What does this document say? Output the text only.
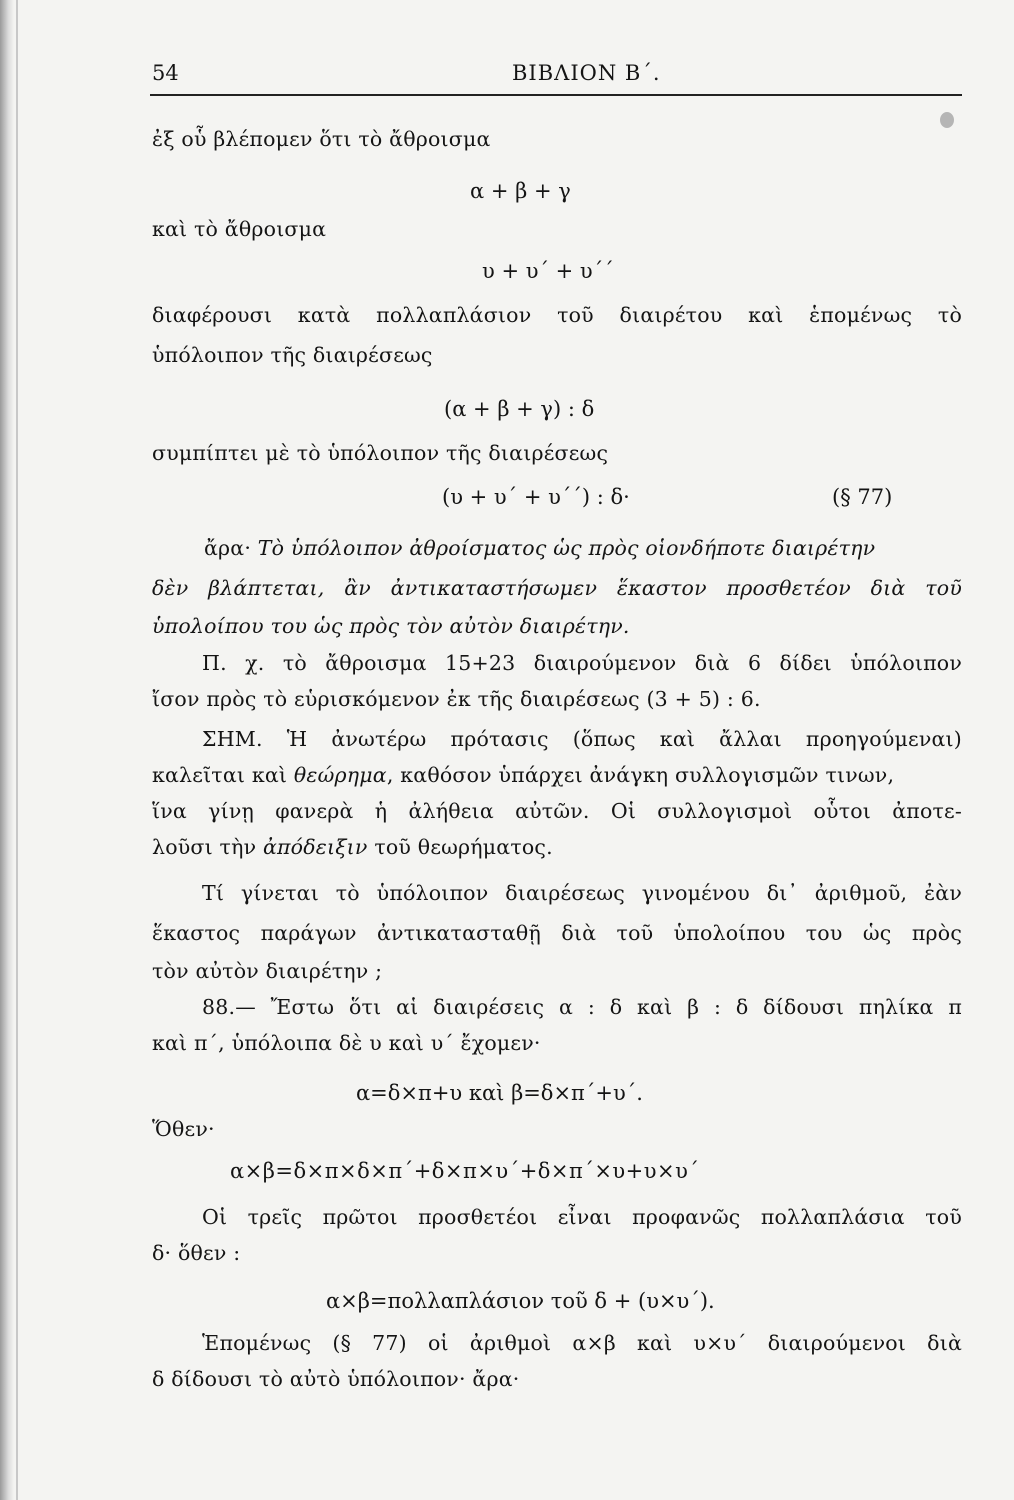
54	ΒΙΒΛΙΟΝ Β΄.
ἐξ οὗ βλέπομεν ὅτι τὸ ἄθροισμα
α + β + γ
καὶ τὸ ἄθροισμα
υ + υ΄ + υ΄΄
διαφέρουσι κατὰ πολλαπλάσιον τοῦ διαιρέτου καὶ ἑπομένως τὸ
ὑπόλοιπον τῆς διαιρέσεως
(α + β + γ) : δ
συμπίπτει μὲ τὸ ὑπόλοιπον τῆς διαιρέσεως
(υ + υ΄ + υ΄΄) : δ·	(§ 77)
ἄρα· Τὸ ὑπόλοιπον ἀθροίσματος ὡς πρὸς οἱονδήποτε διαιρέτην
δὲν βλάπτεται, ἂν ἀντικαταστήσωμεν ἕκαστον προσθετέον διὰ τοῦ
ὑπολοίπου του ὡς πρὸς τὸν αὐτὸν διαιρέτην.
Π. χ. τὸ ἄθροισμα 15+23 διαιρούμενον διὰ 6 δίδει ὑπόλοιπον
ἴσον πρὸς τὸ εὑρισκόμενον ἐκ τῆς διαιρέσεως (3 + 5) : 6.
ΣΗΜ. Ἡ ἀνωτέρω πρότασις (ὅπως καὶ ἄλλαι προηγούμεναι)
καλεῖται καὶ θεώρημα, καθόσον ὑπάρχει ἀνάγκη συλλογισμῶν τινων,
ἵνα γίνῃ φανερὰ ἡ ἀλήθεια αὐτῶν. Οἱ συλλογισμοὶ οὗτοι ἀποτε-
λοῦσι τὴν ἀπόδειξιν τοῦ θεωρήματος.
Τί γίνεται τὸ ὑπόλοιπον διαιρέσεως γινομένου δι᾽ ἀριθμοῦ, ἐὰν
ἕκαστος παράγων ἀντικατασταθῇ διὰ τοῦ ὑπολοίπου του ὡς πρὸς
τὸν αὐτὸν διαιρέτην ;
88.— Ἔστω ὅτι αἱ διαιρέσεις α : δ καὶ β : δ δίδουσι πηλίκα π
καὶ π΄, ὑπόλοιπα δὲ υ καὶ υ΄ ἔχομεν·
α=δ×π+υ καὶ β=δ×π΄+υ΄.
Ὅθεν·
α×β=δ×π×δ×π΄+δ×π×υ΄+δ×π΄×υ+υ×υ΄
Οἱ τρεῖς πρῶτοι προσθετέοι εἶναι προφανῶς πολλαπλάσια τοῦ
δ· ὅθεν :
α×β=πολλαπλάσιον τοῦ δ + (υ×υ΄).
Ἑπομένως (§ 77) οἱ ἀριθμοὶ α×β καὶ υ×υ΄ διαιρούμενοι διὰ
δ δίδουσι τὸ αὐτὸ ὑπόλοιπον· ἄρα·
